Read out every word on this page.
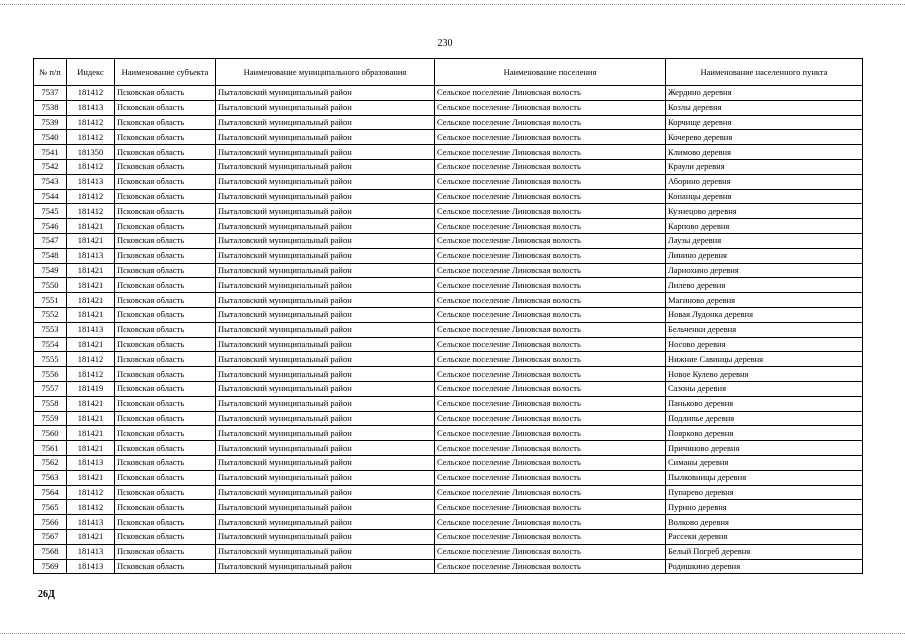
230
№ п/п	Индекс	Наименование субъекта	Наименование муниципального образования	Наименование поселения	Наименование населенного пункта
7537	181412	Псковская область	Пыталовский муниципальный район	Сельское поселение Линовская волость	Жердино деревня
7538	181413	Псковская область	Пыталовский муниципальный район	Сельское поселение Линовская волость	Козлы деревня
7539	181412	Псковская область	Пыталовский муниципальный район	Сельское поселение Линовская волость	Корчище деревня
7540	181412	Псковская область	Пыталовский муниципальный район	Сельское поселение Линовская волость	Кочерево деревня
7541	181350	Псковская область	Пыталовский муниципальный район	Сельское поселение Линовская волость	Климово деревня
7542	181412	Псковская область	Пыталовский муниципальный район	Сельское поселение Линовская волость	Краули деревня
7543	181413	Псковская область	Пыталовский муниципальный район	Сельское поселение Линовская волость	Аборино деревня
7544	181412	Псковская область	Пыталовский муниципальный район	Сельское поселение Линовская волость	Копанцы деревня
7545	181412	Псковская область	Пыталовский муниципальный район	Сельское поселение Линовская волость	Кузнецово деревня
7546	181421	Псковская область	Пыталовский муниципальный район	Сельское поселение Линовская волость	Карпово деревня
7547	181421	Псковская область	Пыталовский муниципальный район	Сельское поселение Линовская волость	Лаузы деревня
7548	181413	Псковская область	Пыталовский муниципальный район	Сельское поселение Линовская волость	Линино деревня
7549	181421	Псковская область	Пыталовский муниципальный район	Сельское поселение Линовская волость	Лариохино деревня
7550	181421	Псковская область	Пыталовский муниципальный район	Сельское поселение Линовская волость	Лилево деревня
7551	181421	Псковская область	Пыталовский муниципальный район	Сельское поселение Линовская волость	Магиново деревня
7552	181421	Псковская область	Пыталовский муниципальный район	Сельское поселение Линовская волость	Новая Лудонка деревня
7553	181413	Псковская область	Пыталовский муниципальный район	Сельское поселение Линовская волость	Бельченки деревня
7554	181421	Псковская область	Пыталовский муниципальный район	Сельское поселение Линовская волость	Носово деревня
7555	181412	Псковская область	Пыталовский муниципальный район	Сельское поселение Линовская волость	Нижние Савинцы деревня
7556	181412	Псковская область	Пыталовский муниципальный район	Сельское поселение Линовская волость	Новое Кулево деревня
7557	181419	Псковская область	Пыталовский муниципальный район	Сельское поселение Линовская волость	Сазоны деревня
7558	181421	Псковская область	Пыталовский муниципальный район	Сельское поселение Линовская волость	Паньково деревня
7559	181421	Псковская область	Пыталовский муниципальный район	Сельское поселение Линовская волость	Подлипье деревня
7560	181421	Псковская область	Пыталовский муниципальный район	Сельское поселение Линовская волость	Поярково деревня
7561	181421	Псковская область	Пыталовский муниципальный район	Сельское поселение Линовская волость	Причиново деревня
7562	181413	Псковская область	Пыталовский муниципальный район	Сельское поселение Линовская волость	Симаны деревня
7563	181421	Псковская область	Пыталовский муниципальный район	Сельское поселение Линовская волость	Пылковницы деревня
7564	181412	Псковская область	Пыталовский муниципальный район	Сельское поселение Линовская волость	Пупарево деревня
7565	181412	Псковская область	Пыталовский муниципальный район	Сельское поселение Линовская волость	Пурино деревня
7566	181413	Псковская область	Пыталовский муниципальный район	Сельское поселение Линовская волость	Волково деревня
7567	181421	Псковская область	Пыталовский муниципальный район	Сельское поселение Линовская волость	Рассеки деревня
7568	181413	Псковская область	Пыталовский муниципальный район	Сельское поселение Линовская волость	Белый Погреб деревня
7569	181413	Псковская область	Пыталовский муниципальный район	Сельское поселение Линовская волость	Родишкино деревня
26Д
